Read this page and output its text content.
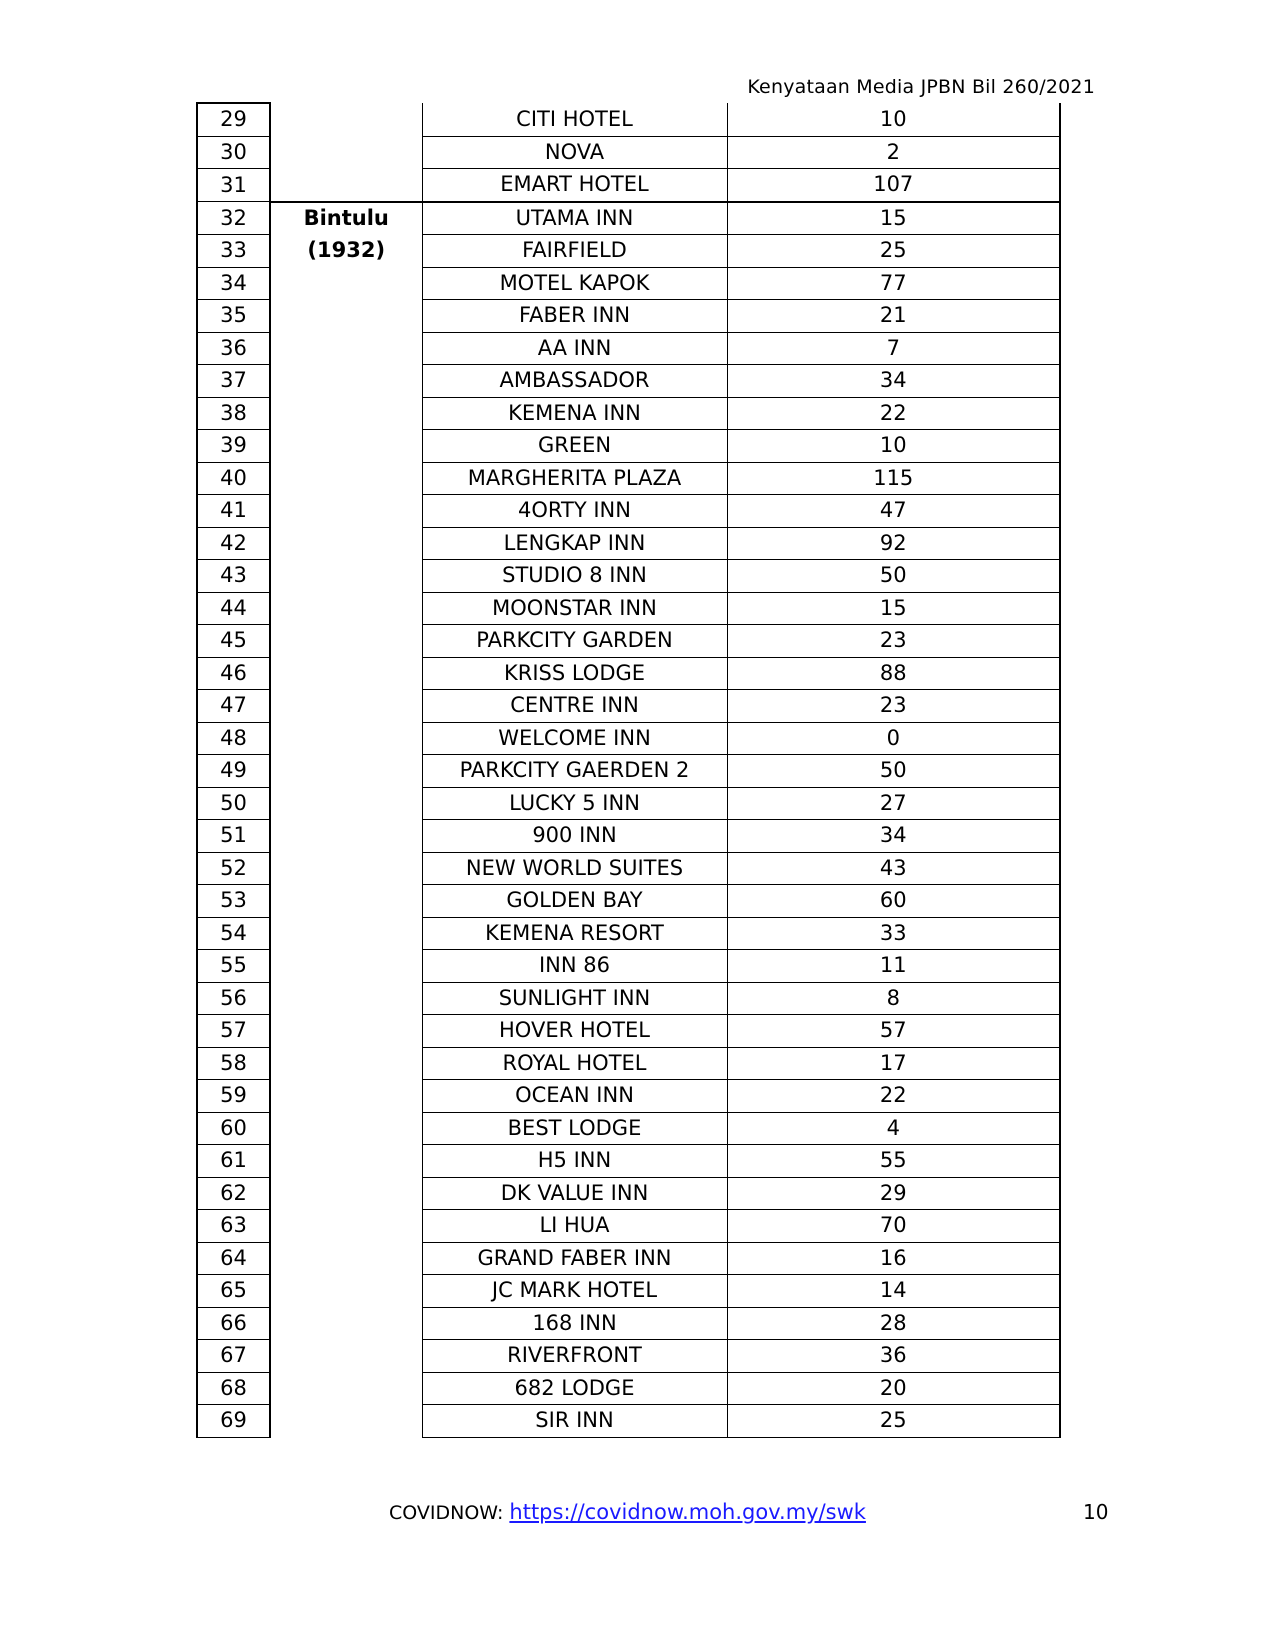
Kenyataan Media JPBN Bil 260/2021
29		CITI HOTEL	10
30		NOVA	2
31		EMART HOTEL	107
32	Bintulu	UTAMA INN	15
33	(1932)	FAIRFIELD	25
34		MOTEL KAPOK	77
35		FABER INN	21
36		AA INN	7
37		AMBASSADOR	34
38		KEMENA INN	22
39		GREEN	10
40		MARGHERITA PLAZA	115
41		4ORTY INN	47
42		LENGKAP INN	92
43		STUDIO 8 INN	50
44		MOONSTAR INN	15
45		PARKCITY GARDEN	23
46		KRISS LODGE	88
47		CENTRE INN	23
48		WELCOME INN	0
49		PARKCITY GAERDEN 2	50
50		LUCKY 5 INN	27
51		900 INN	34
52		NEW WORLD SUITES	43
53		GOLDEN BAY	60
54		KEMENA RESORT	33
55		INN 86	11
56		SUNLIGHT INN	8
57		HOVER HOTEL	57
58		ROYAL HOTEL	17
59		OCEAN INN	22
60		BEST LODGE	4
61		H5 INN	55
62		DK VALUE INN	29
63		LI HUA	70
64		GRAND FABER INN	16
65		JC MARK HOTEL	14
66		168 INN	28
67		RIVERFRONT	36
68		682 LODGE	20
69		SIR INN	25
COVIDNOW: https://covidnow.moh.gov.my/swk	10
